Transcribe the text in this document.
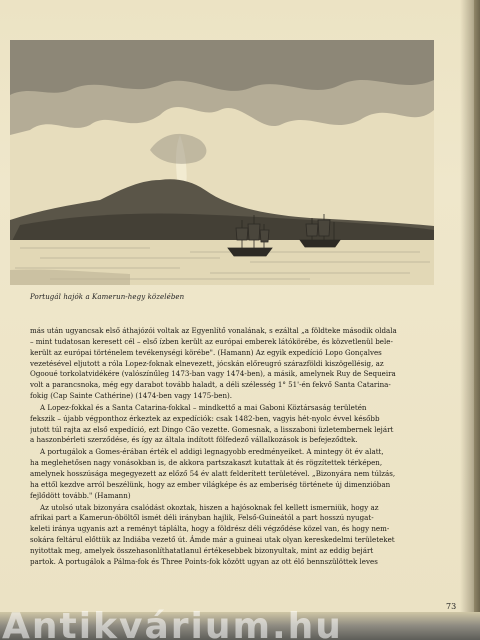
Portugál hajók a Kamerun-hegy közelében

más után ugyancsak első áthajózói voltak az Egyenlítő vonalának, s ezáltal „a földteke második oldala
– mint tudatosan keresett cél – első ízben került az európai emberek látókörébe, és közvetlenül bele-
került az európai történelem tevékenységi körébe". (Hamann) Az egyik expedíció Lopo Gonçalves
vezetésével eljutott a róla Lopez-foknak elnevezett, jócskán előreugró szárazföldi kiszögellésig, az
Ogooué torkolatvidékére (valószínűleg 1473-ban vagy 1474-ben), a másik, amelynek Ruy de Sequeira
volt a parancsnoka, még egy darabot tovább haladt, a déli szélesség 1° 51'-én fekvő Santa Catarina-
fokig (Cap Sainte Cathérine) (1474-ben vagy 1475-ben).

A Lopez-fokkal és a Santa Catarina-fokkal – mindkettő a mai Gaboni Köztársaság területén
fekszik – újabb végponthoz érkeztek az expedíciók: csak 1482-ben, vagyis hét-nyolc évvel később
jutott túl rajta az első expedíció, ezt Dingo Cão vezette. Gomesnak, a lisszaboni üzletembernek lejárt
a haszonbérleti szerződése, és így az általa indított fölfedező vállalkozások is befejeződtek.

A portugálok a Gomes-érában érték el addigi legnagyobb eredményeiket. A mintegy öt év alatt,
ha meglehetősen nagy vonásokban is, de akkora partszakaszt kutattak át és rögzítettek térképen,
amelynek hosszúsága megegyezett az előző 54 év alatt felderített területével. „Bizonyára nem túlzás,
ha ettől kezdve arról beszélünk, hogy az ember világképe és az emberiség története új dimenzióban
fejlődött tovább." (Hamann)

Az utolsó utak bizonyára csalódást okoztak, hiszen a hajósoknak fel kellett ismerniük, hogy az
afrikai part a Kamerun-öböltől ismét déli irányban hajlik, Felső-Guineától a part hosszú nyugat-
keleti iránya ugyanis azt a reményt táplálta, hogy a földrész déli végződése közel van, és hogy nem-
sokára feltárul előttük az Indiába vezető út. Ámde már a guineai utak olyan kereskedelmi területeket
nyitottak meg, amelyek összehasonlíthatatlanul értékesebbek bizonyultak, mint az eddig bejárt
partok. A portugálok a Pálma-fok és Three Points-fok között ugyan az ott élő bennszülöttek leves

73
Antikvárium.hu
